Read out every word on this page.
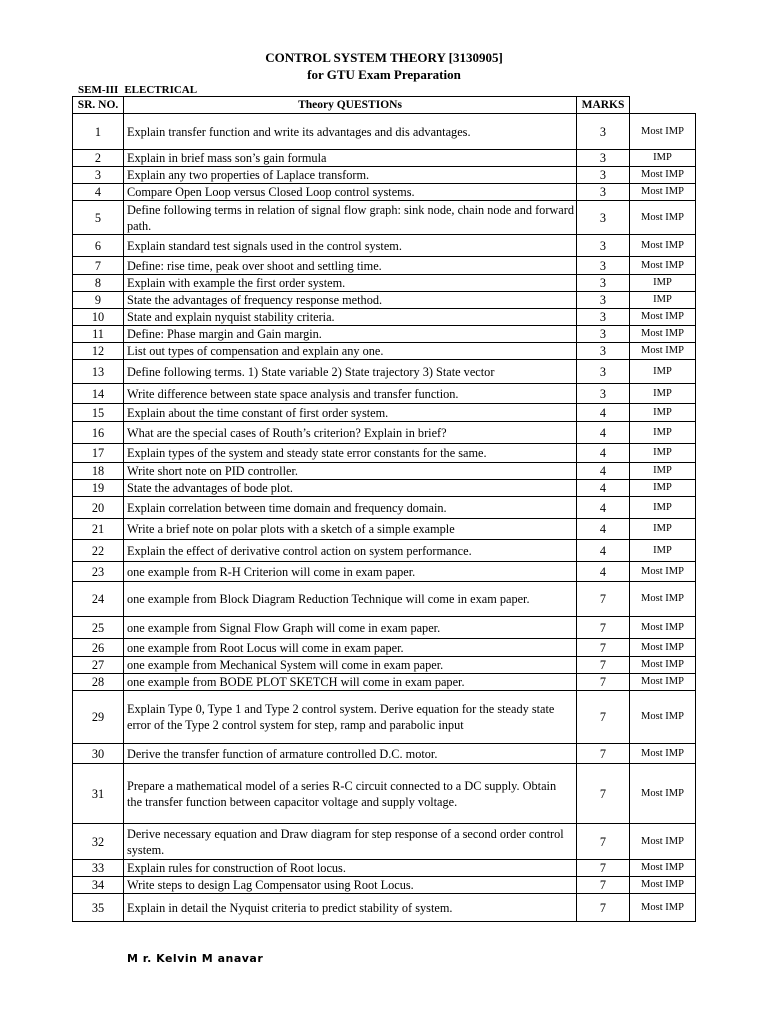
CONTROL SYSTEM THEORY [3130905]
for GTU Exam Preparation
SEM-III ELECTRICAL
SR. NO.	Theory QUESTIONs	MARKS	
1	Explain transfer function and write its advantages and dis advantages.	3	Most IMP
2	Explain in brief mass son’s gain formula	3	IMP
3	Explain any two properties of Laplace transform.	3	Most IMP
4	Compare Open Loop versus Closed Loop control systems.	3	Most IMP
5	Define following terms in relation of signal flow graph: sink node, chain node and forward path.	3	Most IMP
6	Explain standard test signals used in the control system.	3	Most IMP
7	Define: rise time, peak over shoot and settling time.	3	Most IMP
8	Explain with example the first order system.	3	IMP
9	State the advantages of frequency response method.	3	IMP
10	State and explain nyquist stability criteria.	3	Most IMP
11	Define: Phase margin and Gain margin.	3	Most IMP
12	List out types of compensation and explain any one.	3	Most IMP
13	Define following terms. 1) State variable 2) State trajectory 3) State vector	3	IMP
14	Write difference between state space analysis and transfer function.	3	IMP
15	Explain about the time constant of first order system.	4	IMP
16	What are the special cases of Routh’s criterion? Explain in brief?	4	IMP
17	Explain types of the system and steady state error constants for the same.	4	IMP
18	Write short note on PID controller.	4	IMP
19	State the advantages of bode plot.	4	IMP
20	Explain correlation between time domain and frequency domain.	4	IMP
21	Write a brief note on polar plots with a sketch of a simple example	4	IMP
22	Explain the effect of derivative control action on system performance.	4	IMP
23	one example from R-H Criterion will come in exam paper.	4	Most IMP
24	one example from Block Diagram Reduction Technique will come in exam paper.	7	Most IMP
25	one example from Signal Flow Graph will come in exam paper.	7	Most IMP
26	one example from Root Locus will come in exam paper.	7	Most IMP
27	one example from Mechanical System will come in exam paper.	7	Most IMP
28	one example from BODE PLOT SKETCH will come in exam paper.	7	Most IMP
29	Explain Type 0, Type 1 and Type 2 control system. Derive equation for the steady state error of the Type 2 control system for step, ramp and parabolic input	7	Most IMP
30	Derive the transfer function of armature controlled D.C. motor.	7	Most IMP
31	Prepare a mathematical model of a series R-C circuit connected to a DC supply. Obtain the transfer function between capacitor voltage and supply voltage.	7	Most IMP
32	Derive necessary equation and Draw diagram for step response of a second order control system.	7	Most IMP
33	Explain rules for construction of Root locus.	7	Most IMP
34	Write steps to design Lag Compensator using Root Locus.	7	Most IMP
35	Explain in detail the Nyquist criteria to predict stability of system.	7	Most IMP
M r. Kelvin M anavar
